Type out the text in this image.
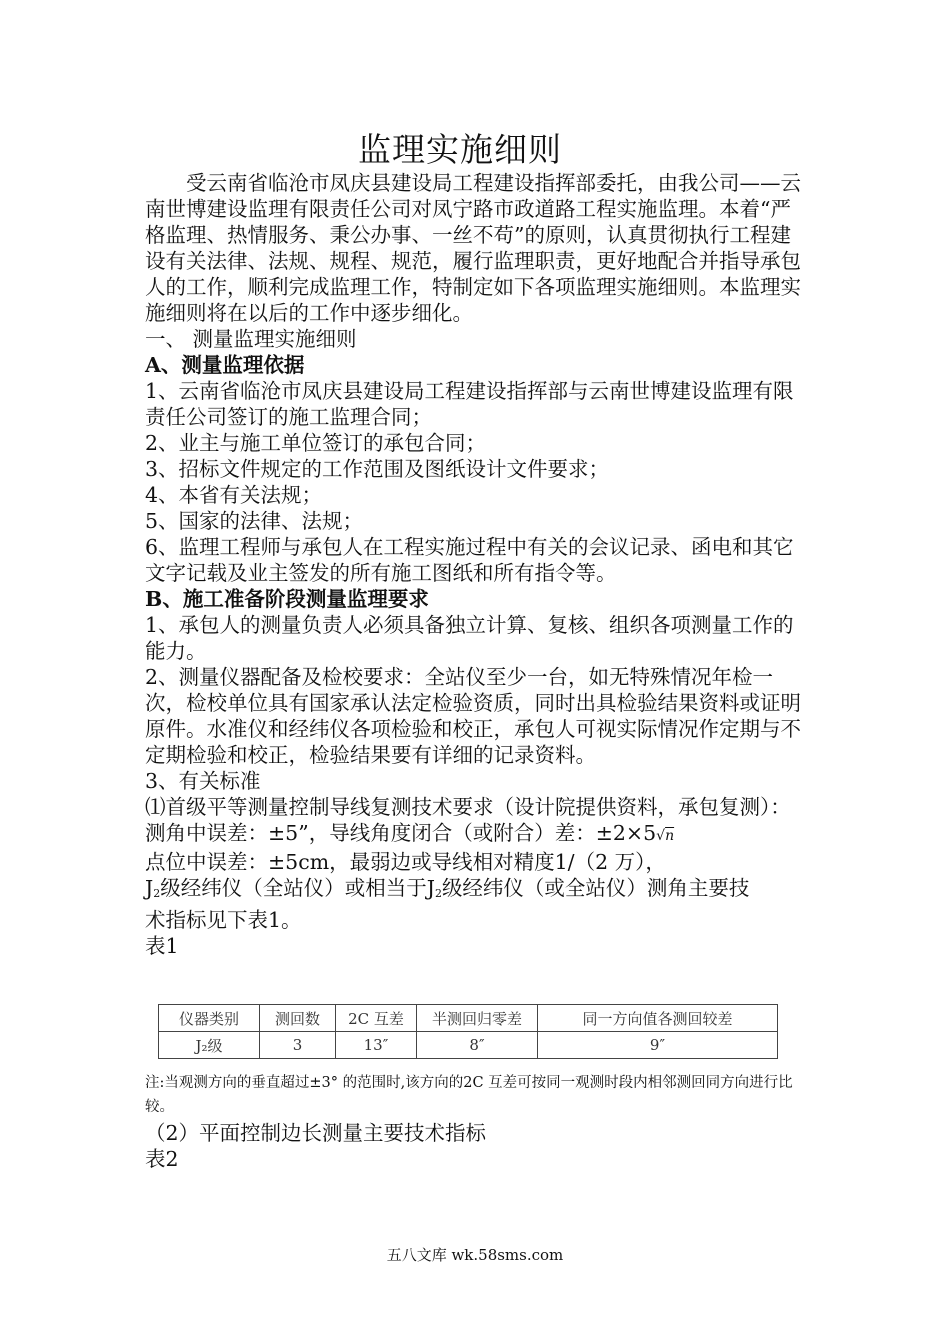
监理实施细则

受云南省临沧市凤庆县建设局工程建设指挥部委托，由我公司——云南世博建设监理有限责任公司对凤宁路市政道路工程实施监理。本着“严格监理、热情服务、秉公办事、一丝不苟”的原则，认真贯彻执行工程建设有关法律、法规、规程、规范，履行监理职责，更好地配合并指导承包人的工作，顺利完成监理工作，特制定如下各项监理实施细则。本监理实施细则将在以后的工作中逐步细化。

一、 测量监理实施细则

A、测量监理依据

1、云南省临沧市凤庆县建设局工程建设指挥部与云南世博建设监理有限责任公司签订的施工监理合同；

2、业主与施工单位签订的承包合同；

3、招标文件规定的工作范围及图纸设计文件要求；

4、本省有关法规；

5、国家的法律、法规；

6、监理工程师与承包人在工程实施过程中有关的会议记录、函电和其它文字记载及业主签发的所有施工图纸和所有指令等。

B、施工准备阶段测量监理要求

1、承包人的测量负责人必须具备独立计算、复核、组织各项测量工作的能力。

2、测量仪器配备及检校要求：全站仪至少一台，如无特殊情况年检一次，检校单位具有国家承认法定检验资质，同时出具检验结果资料或证明原件。水准仪和经纬仪各项检验和校正，承包人可视实际情况作定期与不定期检验和校正，检验结果要有详细的记录资料。

3、有关标准

⑴首级平等测量控制导线复测技术要求（设计院提供资料，承包复测）：

测角中误差：±5”，导线角度闭合（或附合）差：±2×5√n

点位中误差：±5cm，最弱边或导线相对精度1/（2 万），

$J_2$级经纬仪（全站仪）或相当于$J_2$级经纬仪（或全站仪）测角主要技

术指标见下表1。

表1

仪器类别	测回数	2C 互差	半测回归零差	同一方向值各测回较差
J₂级	3	13″	8″	9″
注:当观测方向的垂直超过±3° 的范围时,该方向的2C 互差可按同一观测时段内相邻测回同方向进行比较。

（2）平面控制边长测量主要技术指标

表2

五八文库 wk.58sms.com
